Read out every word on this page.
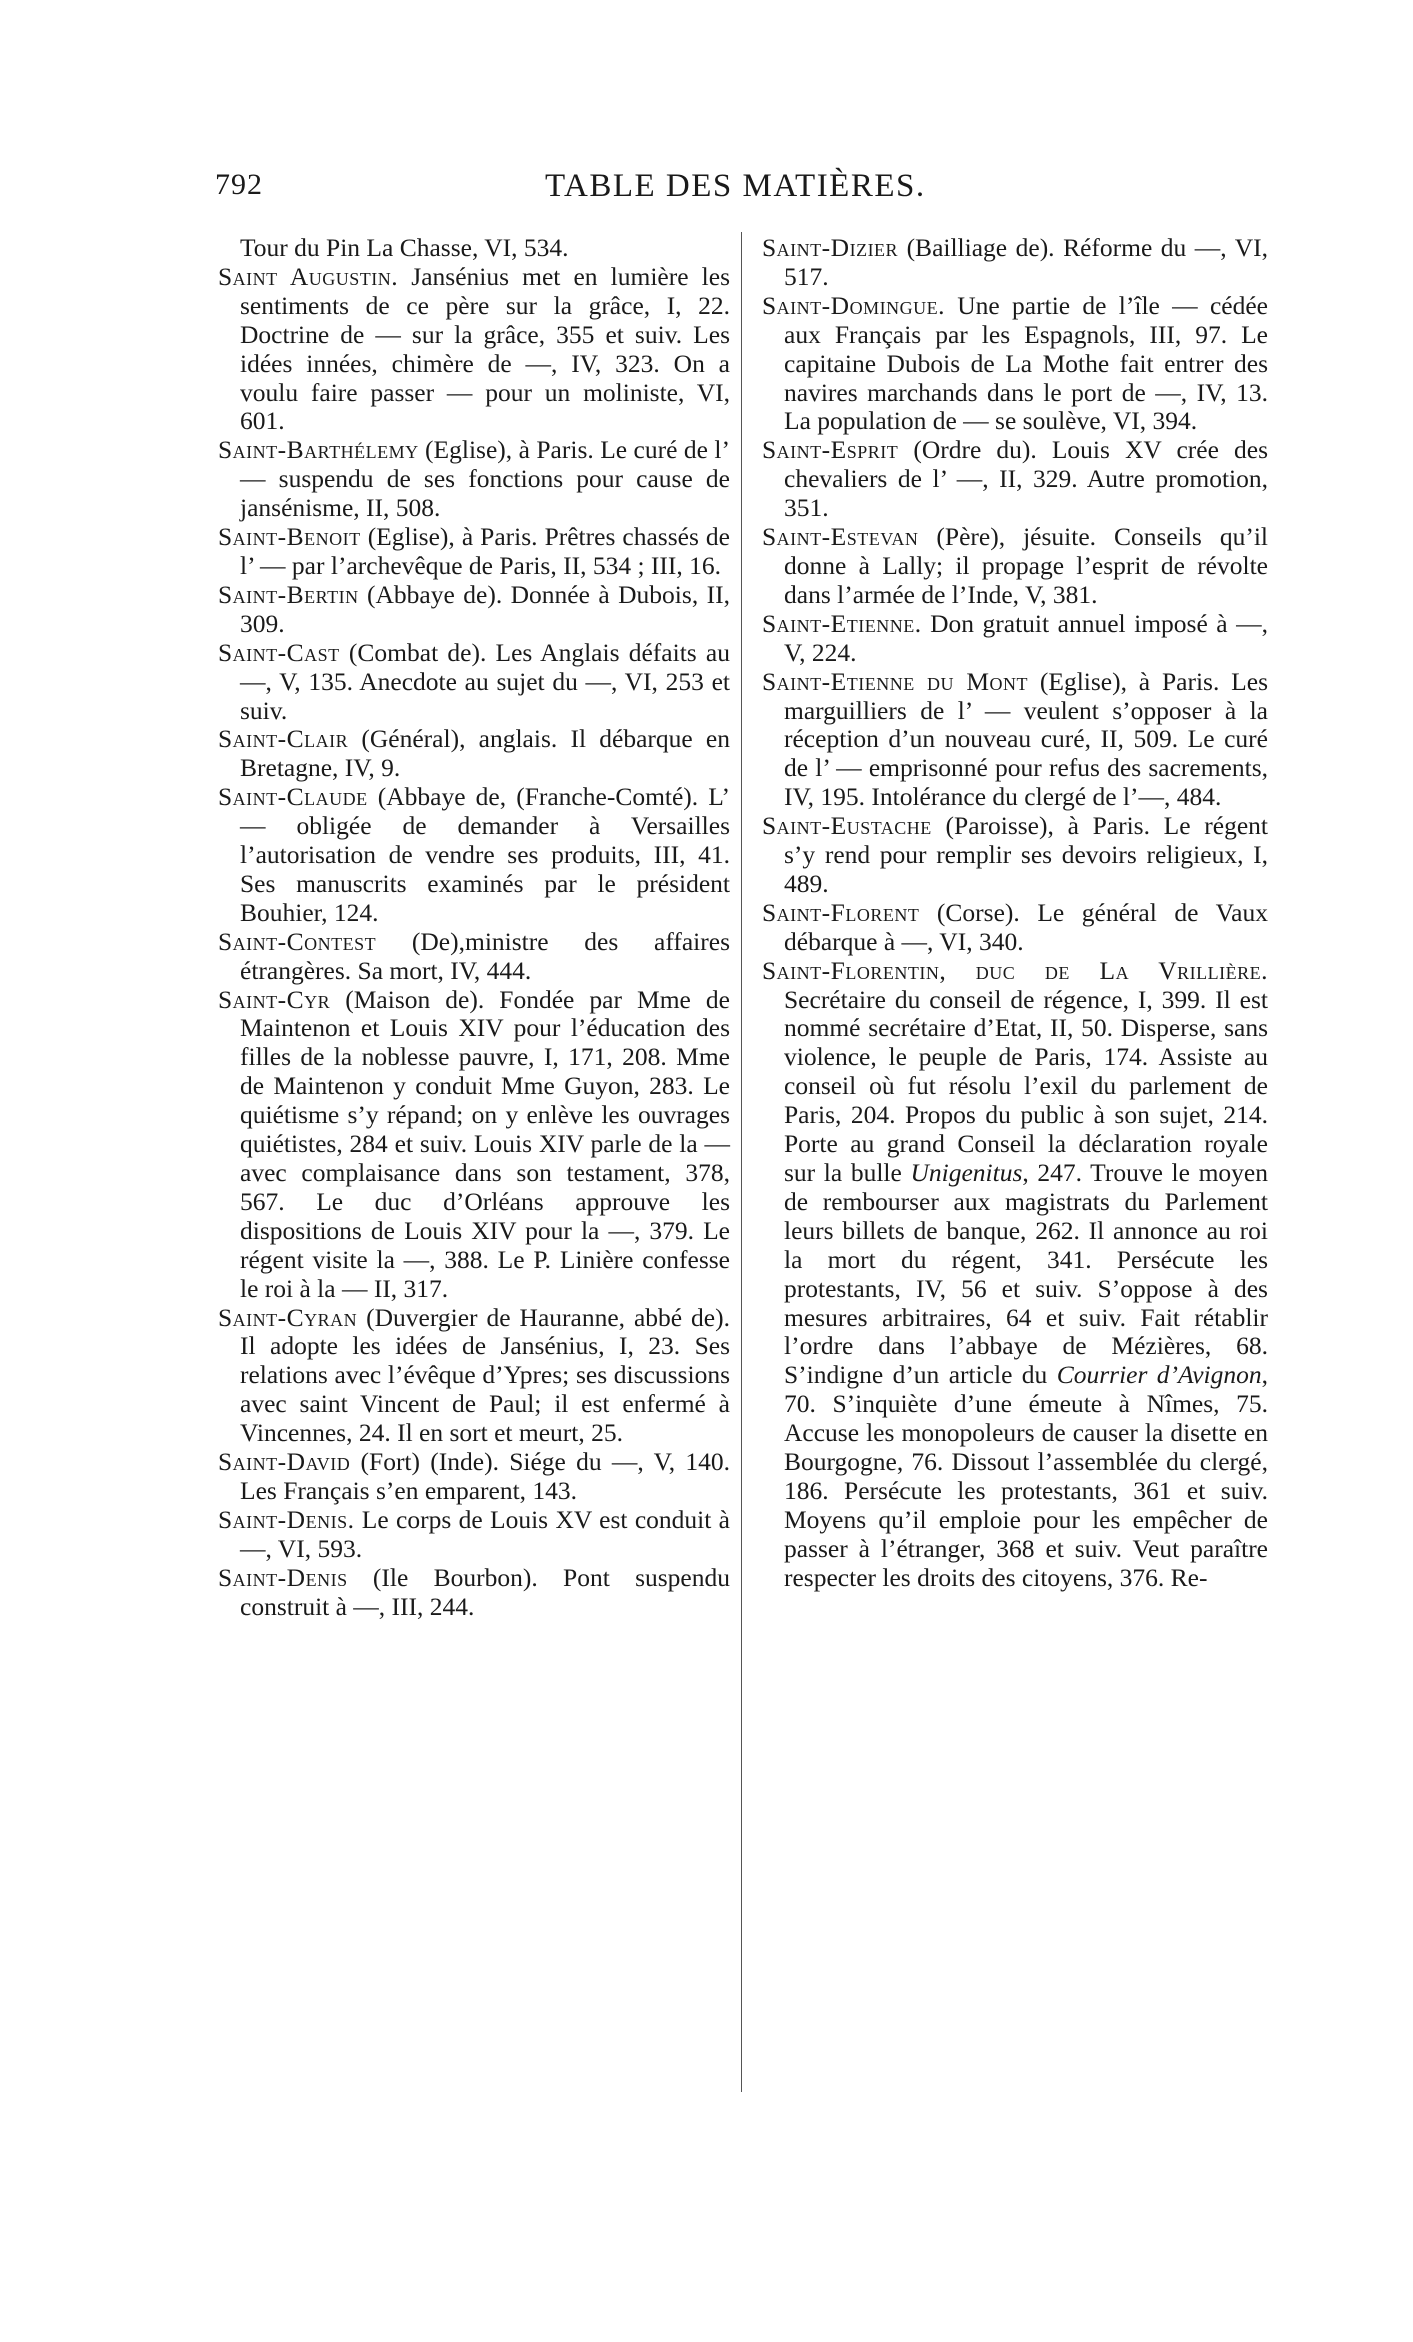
792	TABLE DES MATIÈRES.

Tour du Pin La Chasse, VI, 534.

Saint Augustin. Jansénius met en lumière les sentiments de ce père sur la grâce, I, 22. Doctrine de — sur la grâce, 355 et suiv. Les idées innées, chimère de —, IV, 323. On a voulu faire passer — pour un moliniste, VI, 601.

Saint-Barthélemy (Eglise), à Paris. Le curé de l’ — suspendu de ses fonctions pour cause de jansénisme, II, 508.

Saint-Benoit (Eglise), à Paris. Prêtres chassés de l’ — par l’archevêque de Paris, II, 534 ; III, 16.

Saint-Bertin (Abbaye de). Donnée à Dubois, II, 309.

Saint-Cast (Combat de). Les Anglais défaits au —, V, 135. Anecdote au sujet du —, VI, 253 et suiv.

Saint-Clair (Général), anglais. Il débarque en Bretagne, IV, 9.

Saint-Claude (Abbaye de, (Franche-Comté). L’ — obligée de demander à Versailles l’autorisation de vendre ses produits, III, 41. Ses manuscrits examinés par le président Bouhier, 124.

Saint-Contest (De),ministre des affaires étrangères. Sa mort, IV, 444.

Saint-Cyr (Maison de). Fondée par Mme de Maintenon et Louis XIV pour l’éducation des filles de la noblesse pauvre, I, 171, 208. Mme de Maintenon y conduit Mme Guyon, 283. Le quiétisme s’y répand; on y enlève les ouvrages quiétistes, 284 et suiv. Louis XIV parle de la — avec complaisance dans son testament, 378, 567. Le duc d’Orléans approuve les dispositions de Louis XIV pour la —, 379. Le régent visite la —, 388. Le P. Linière confesse le roi à la — II, 317.

Saint-Cyran (Duvergier de Hauranne, abbé de). Il adopte les idées de Jansénius, I, 23. Ses relations avec l’évêque d’Ypres; ses discussions avec saint Vincent de Paul; il est enfermé à Vincennes, 24. Il en sort et meurt, 25.

Saint-David (Fort) (Inde). Siége du —, V, 140. Les Français s’en emparent, 143.

Saint-Denis. Le corps de Louis XV est conduit à —, VI, 593.

Saint-Denis (Ile Bourbon). Pont suspendu construit à —, III, 244.

Saint-Dizier (Bailliage de). Réforme du —, VI, 517.

Saint-Domingue. Une partie de l’île — cédée aux Français par les Espagnols, III, 97. Le capitaine Dubois de La Mothe fait entrer des navires marchands dans le port de —, IV, 13. La population de — se soulève, VI, 394.

Saint-Esprit (Ordre du). Louis XV crée des chevaliers de l’ —, II, 329. Autre promotion, 351.

Saint-Estevan (Père), jésuite. Conseils qu’il donne à Lally; il propage l’esprit de révolte dans l’armée de l’Inde, V, 381.

Saint-Etienne. Don gratuit annuel imposé à —, V, 224.

Saint-Etienne du Mont (Eglise), à Paris. Les marguilliers de l’ — veulent s’opposer à la réception d’un nouveau curé, II, 509. Le curé de l’ — emprisonné pour refus des sacrements, IV, 195. Intolérance du clergé de l’—, 484.

Saint-Eustache (Paroisse), à Paris. Le régent s’y rend pour remplir ses devoirs religieux, I, 489.

Saint-Florent (Corse). Le général de Vaux débarque à —, VI, 340.

Saint-Florentin, duc de La Vrillière. Secrétaire du conseil de régence, I, 399. Il est nommé secrétaire d’Etat, II, 50. Disperse, sans violence, le peuple de Paris, 174. Assiste au conseil où fut résolu l’exil du parlement de Paris, 204. Propos du public à son sujet, 214. Porte au grand Conseil la déclaration royale sur la bulle Unigenitus, 247. Trouve le moyen de rembourser aux magistrats du Parlement leurs billets de banque, 262. Il annonce au roi la mort du régent, 341. Persécute les protestants, IV, 56 et suiv. S’oppose à des mesures arbitraires, 64 et suiv. Fait rétablir l’ordre dans l’abbaye de Mézières, 68. S’indigne d’un article du Courrier d’Avignon, 70. S’inquiète d’une émeute à Nîmes, 75. Accuse les monopoleurs de causer la disette en Bourgogne, 76. Dissout l’assemblée du clergé, 186. Persécute les protestants, 361 et suiv. Moyens qu’il emploie pour les empêcher de passer à l’étranger, 368 et suiv. Veut paraître respecter les droits des citoyens, 376. Re-
